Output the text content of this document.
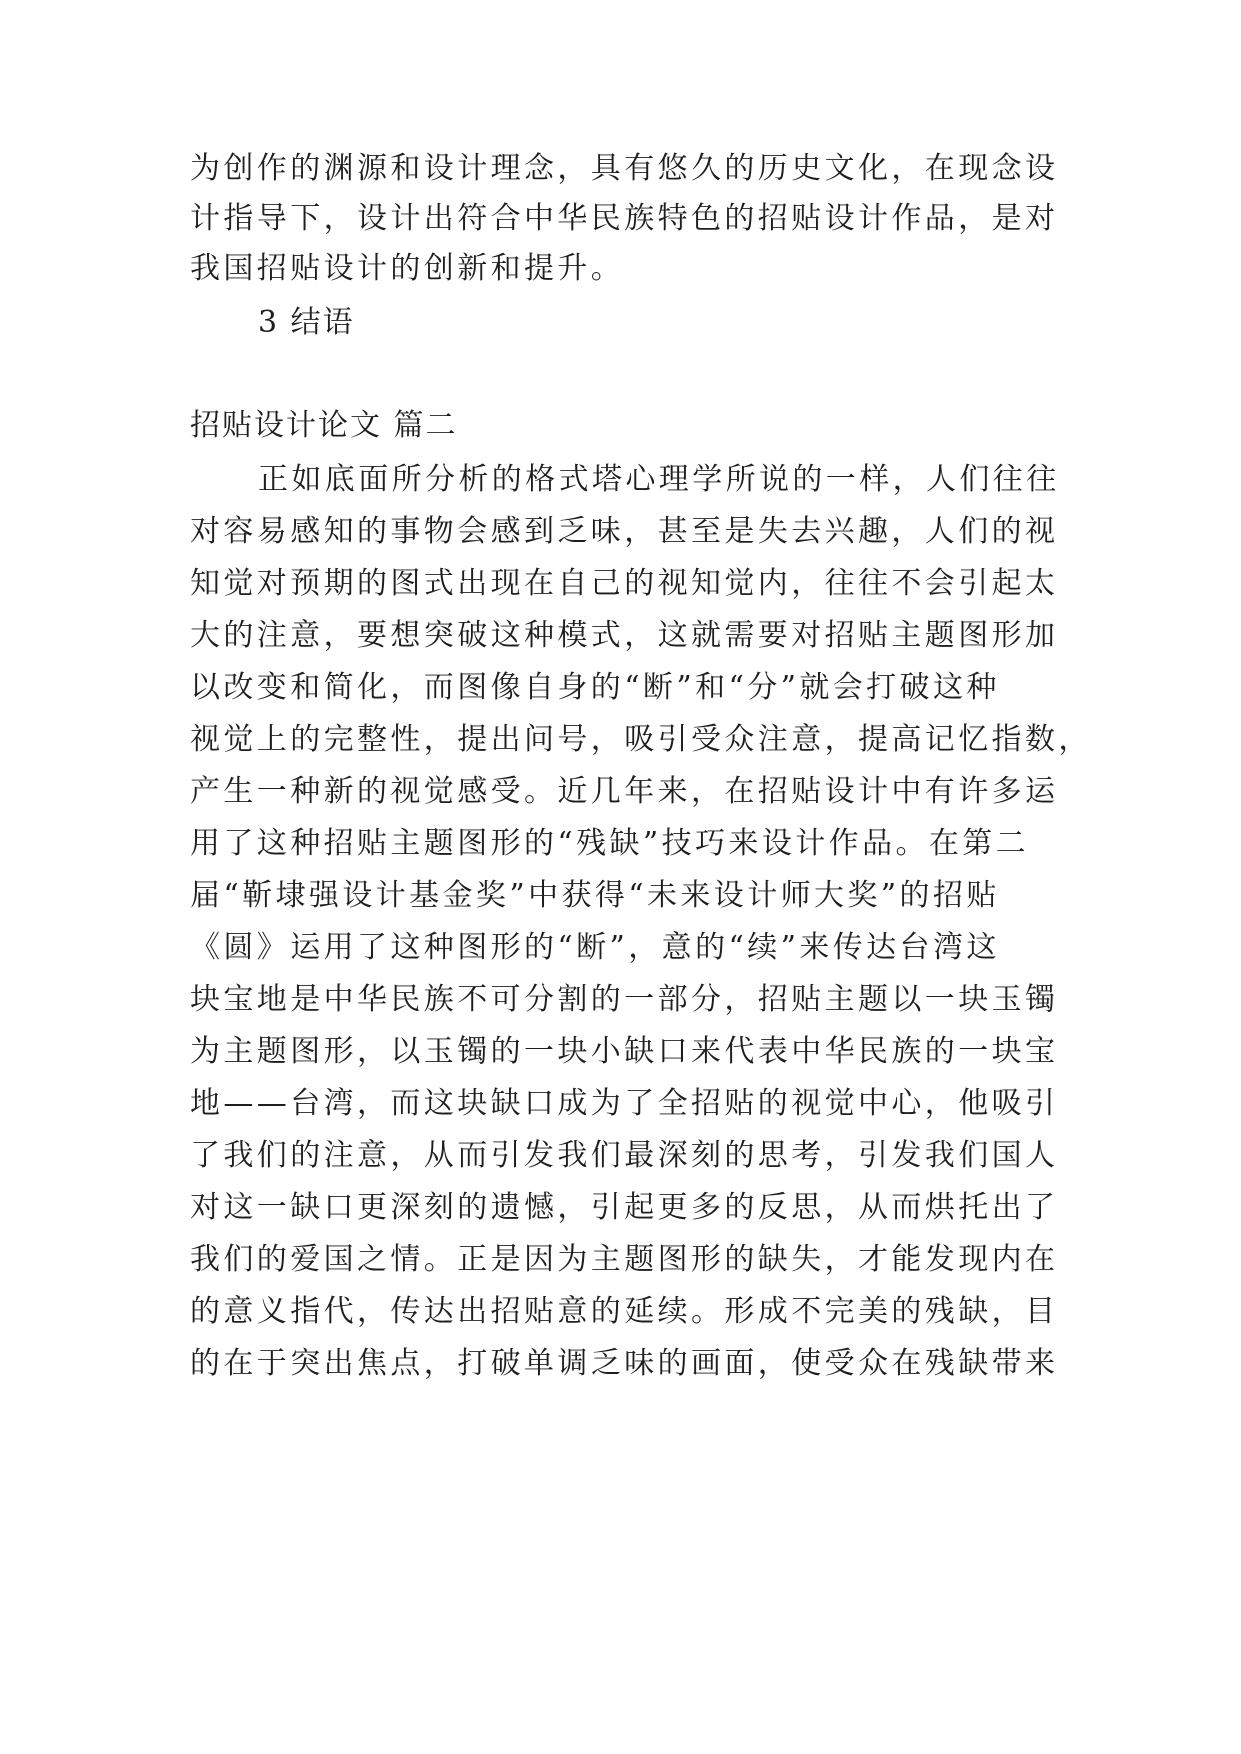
为创作的渊源和设计理念，具有悠久的历史文化，在现念设
计指导下，设计出符合中华民族特色的招贴设计作品，是对
我国招贴设计的创新和提升。
3 结语
招贴设计论文 篇二
正如底面所分析的格式塔心理学所说的一样，人们往往
对容易感知的事物会感到乏味，甚至是失去兴趣，人们的视
知觉对预期的图式出现在自己的视知觉内，往往不会引起太
大的注意，要想突破这种模式，这就需要对招贴主题图形加
以改变和简化，而图像自身的“断”和“分”就会打破这种
视觉上的完整性，提出问号，吸引受众注意，提高记忆指数，
产生一种新的视觉感受。近几年来，在招贴设计中有许多运
用了这种招贴主题图形的“残缺”技巧来设计作品。在第二
届“靳埭强设计基金奖”中获得“未来设计师大奖”的招贴
《圆》运用了这种图形的“断”，意的“续”来传达台湾这
块宝地是中华民族不可分割的一部分，招贴主题以一块玉镯
为主题图形，以玉镯的一块小缺口来代表中华民族的一块宝
地——台湾，而这块缺口成为了全招贴的视觉中心，他吸引
了我们的注意，从而引发我们最深刻的思考，引发我们国人
对这一缺口更深刻的遗憾，引起更多的反思，从而烘托出了
我们的爱国之情。正是因为主题图形的缺失，才能发现内在
的意义指代，传达出招贴意的延续。形成不完美的残缺，目
的在于突出焦点，打破单调乏味的画面，使受众在残缺带来
